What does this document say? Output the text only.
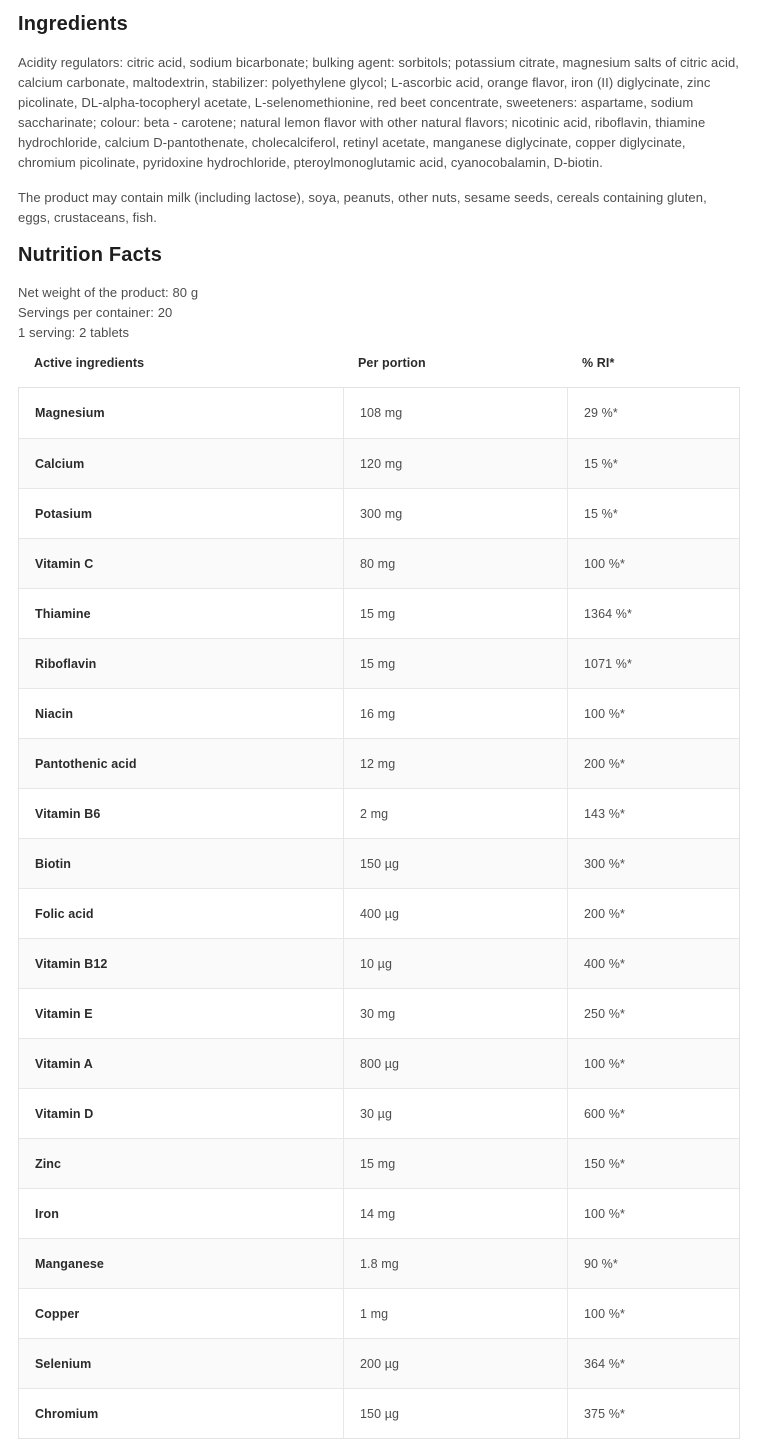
Ingredients

Acidity regulators: citric acid, sodium bicarbonate; bulking agent: sorbitols; potassium citrate, magnesium salts of citric acid, calcium carbonate, maltodextrin, stabilizer: polyethylene glycol; L-ascorbic acid, orange flavor, iron (II) diglycinate, zinc picolinate, DL-alpha-tocopheryl acetate, L-selenomethionine, red beet concentrate, sweeteners: aspartame, sodium saccharinate; colour: beta - carotene; natural lemon flavor with other natural flavors; nicotinic acid, riboflavin, thiamine hydrochloride, calcium D-pantothenate, cholecalciferol, retinyl acetate, manganese diglycinate, copper diglycinate, chromium picolinate, pyridoxine hydrochloride, pteroylmonoglutamic acid, cyanocobalamin, D-biotin.

The product may contain milk (including lactose), soya, peanuts, other nuts, sesame seeds, cereals containing gluten, eggs, crustaceans, fish.

Nutrition Facts
Net weight of the product: 80 g
Servings per container: 20
1 serving: 2 tablets
Active ingredients	Per portion	% RI*
Magnesium	108 mg	29 %*
Calcium	120 mg	15 %*
Potasium	300 mg	15 %*
Vitamin C	80 mg	100 %*
Thiamine	15 mg	1364 %*
Riboflavin	15 mg	1071 %*
Niacin	16 mg	100 %*
Pantothenic acid	12 mg	200 %*
Vitamin B6	2 mg	143 %*
Biotin	150 µg	300 %*
Folic acid	400 µg	200 %*
Vitamin B12	10 µg	400 %*
Vitamin E	30 mg	250 %*
Vitamin A	800 µg	100 %*
Vitamin D	30 µg	600 %*
Zinc	15 mg	150 %*
Iron	14 mg	100 %*
Manganese	1.8 mg	90 %*
Copper	1 mg	100 %*
Selenium	200 µg	364 %*
Chromium	150 µg	375 %*
